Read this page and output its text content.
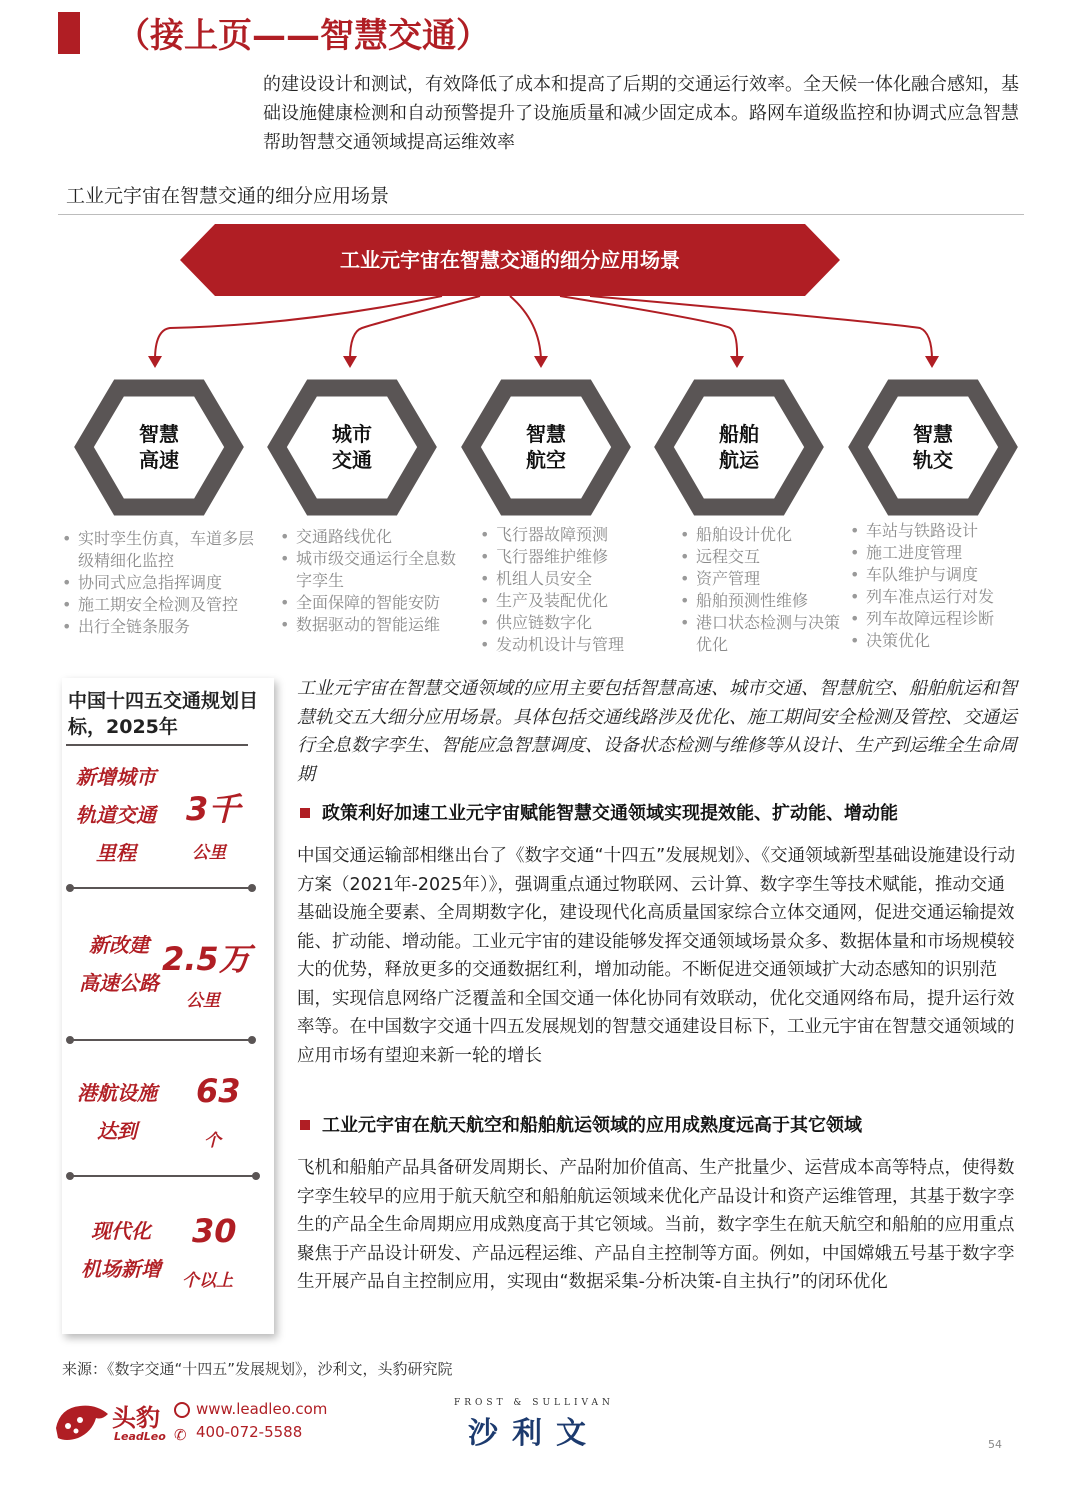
（接上页——智慧交通）
的建设设计和测试，有效降低了成本和提高了后期的交通运行效率。全天候一体化融合感知，基础设施健康检测和自动预警提升了设施质量和减少固定成本。路网车道级监控和协调式应急智慧帮助智慧交通领域提高运维效率
工业元宇宙在智慧交通的细分应用场景
工业元宇宙在智慧交通的细分应用场景
智慧
高速
城市
交通
智慧
航空
船舶
航运
智慧
轨交
• 实时孪生仿真，车道多层级精细化监控
• 协同式应急指挥调度
• 施工期安全检测及管控
• 出行全链条服务
• 交通路线优化
• 城市级交通运行全息数字孪生
• 全面保障的智能安防
• 数据驱动的智能运维
• 飞行器故障预测
• 飞行器维护维修
• 机组人员安全
• 生产及装配优化
• 供应链数字化
• 发动机设计与管理
• 船舶设计优化
• 远程交互
• 资产管理
• 船舶预测性维修
• 港口状态检测与决策优化
• 车站与铁路设计
• 施工进度管理
• 车队维护与调度
• 列车准点运行对发
• 列车故障远程诊断
• 决策优化
中国十四五交通规划目标，2025年
新增城市
轨道交通
里程
3千
公里
新改建
高速公路
2.5万
公里
港航设施
达到
63
个
现代化
机场新增
30
个以上
工业元宇宙在智慧交通领域的应用主要包括智慧高速、城市交通、智慧航空、船舶航运和智慧轨交五大细分应用场景。具体包括交通线路涉及优化、施工期间安全检测及管控、交通运行全息数字孪生、智能应急智慧调度、设备状态检测与维修等从设计、生产到运维全生命周期
政策利好加速工业元宇宙赋能智慧交通领域实现提效能、扩动能、增动能
中国交通运输部相继出台了《数字交通“十四五”发展规划》、《交通领域新型基础设施建设行动方案（2021年-2025年）》，强调重点通过物联网、云计算、数字孪生等技术赋能，推动交通基础设施全要素、全周期数字化，建设现代化高质量国家综合立体交通网，促进交通运输提效能、扩动能、增动能。工业元宇宙的建设能够发挥交通领域场景众多、数据体量和市场规模较大的优势，释放更多的交通数据红利，增加动能。不断促进交通领域扩大动态感知的识别范围，实现信息网络广泛覆盖和全国交通一体化协同有效联动，优化交通网络布局，提升运行效率等。在中国数字交通十四五发展规划的智慧交通建设目标下，工业元宇宙在智慧交通领域的应用市场有望迎来新一轮的增长
工业元宇宙在航天航空和船舶航运领域的应用成熟度远高于其它领域
飞机和船舶产品具备研发周期长、产品附加价值高、生产批量少、运营成本高等特点，使得数字孪生较早的应用于航天航空和船舶航运领域来优化产品设计和资产运维管理，其基于数字孪生的产品全生命周期应用成熟度高于其它领域。当前，数字孪生在航天航空和船舶的应用重点聚焦于产品设计研发、产品远程运维、产品自主控制等方面。例如，中国嫦娥五号基于数字孪生开展产品自主控制应用，实现由“数据采集-分析决策-自主执行”的闭环优化
来源：《数字交通“十四五”发展规划》，沙利文，头豹研究院
头豹
LeadLeo
www.leadleo.com
✆ 400-072-5588
FROST & SULLIVAN
沙利文	54
